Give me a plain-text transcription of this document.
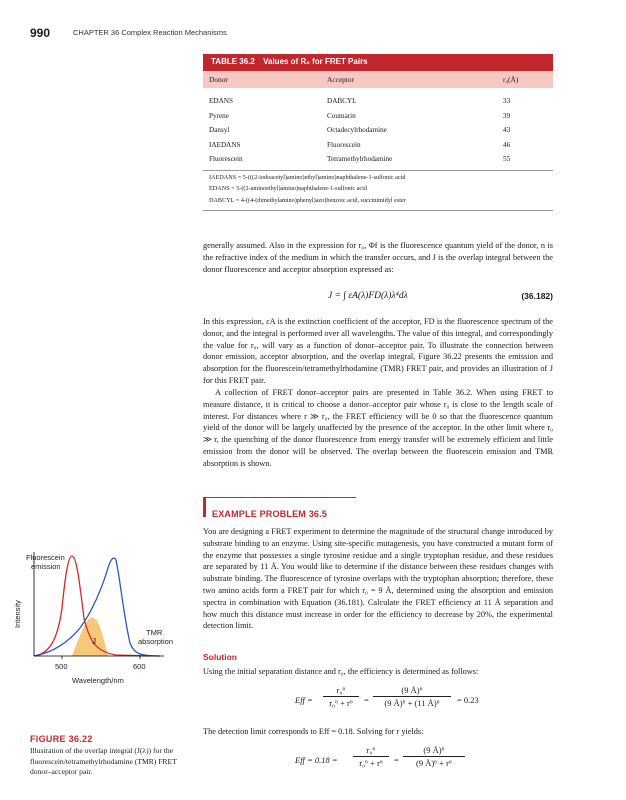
990	CHAPTER 36 Complex Reaction Mechanisms
TABLE 36.2 Values of R₀ for FRET Pairs
Donor	Acceptor	r₀(Å)
EDANS	DABCYL	33
Pyrene	Coumarin	39
Dansyl	Octadecylrhodamine	43
IAEDANS	Fluorescein	46
Fluorescein	Tetramethylrhodamine	55
IAEDANS = 5-(((2-iodoacetyl)amino)ethyl)amino)naphthalene-1-sulfonic acid
EDANS = 5-((2-aminoethyl)amino)naphthalene-1-sulfonic acid
DABCYL = 4-((4-(dimethylamino)phenyl)azo)benzoic acid, succinimidyl ester
generally assumed. Also in the expression for r₀, Φf is the fluorescence quantum yield of the donor, n is the refractive index of the medium in which the transfer occurs, and J is the overlap integral between the donor fluorescence and acceptor absorption expressed as:
J = ∫ εA(λ)FD(λ)λ⁴dλ	(36.182)
In this expression, εA is the extinction coefficient of the acceptor, FD is the fluorescence spectrum of the donor, and the integral is performed over all wavelengths. The value of this integral, and correspondingly the value for r₀, will vary as a function of donor–acceptor pair. To illustrate the connection between donor emission, acceptor absorption, and the overlap integral, Figure 36.22 presents the emission and absorption for the fluorescein/tetramethylrhodamine (TMR) FRET pair, and provides an illustration of J for this FRET pair.
A collection of FRET donor–acceptor pairs are presented in Table 36.2. When using FRET to measure distance, it is critical to choose a donor–acceptor pair whose r₀ is close to the length scale of interest. For distances where r ≫ r₀, the FRET efficiency will be 0 so that the fluorescence quantum yield of the donor will be largely unaffected by the presence of the acceptor. In the other limit where r₀ ≫ r, the quenching of the donor fluorescence from energy transfer will be extremely efficient and little emission from the donor will be observed. The overlap between the fluorescein emission and TMR absorption is shown.
EXAMPLE PROBLEM 36.5
You are designing a FRET experiment to determine the magnitude of the structural change introduced by substrate binding to an enzyme. Using site-specific mutagenesis, you have constructed a mutant form of the enzyme that possesses a single tyrosine residue and a single tryptophan residue, and these residues are separated by 11 Å. You would like to determine if the distance between these residues changes with substrate binding. The fluorescence of tyrosine overlaps with the tryptophan absorption; therefore, these two amino acids form a FRET pair for which r₀ = 9 Å, determined using the absorption and emission spectra in combination with Equation (36.181). Calculate the FRET efficiency at 11 Å separation and how much this distance must increase in order for the efficiency to decrease by 20%, the experimental detection limit.
Solution
Using the initial separation distance and r₀, the efficiency is determined as follows:
Eff = $\frac{\text{r₀⁶}}{\text{r₀⁶ + r⁶}} = \frac{\text{(9 Å)⁶}}{\text{(9 Å)⁶ + (11 Å)⁶}} = 0.23$
The detection limit corresponds to Eff = 0.18. Solving for r yields:
Eff = $0.18 = \frac{\text{r₀⁶}}{\text{r₀⁶ + r⁶}} = \frac{\text{(9 Å)⁶}}{\text{(9 Å)⁶ + r⁶}}$
Fluorescein
emission
TMR
absorption
J
Intensity
500	600
Wavelength/nm
FIGURE 36.22
Illustration of the overlap integral (J(λ)) for the fluorescein/tetramethylrhodamine (TMR) FRET donor–acceptor pair.
